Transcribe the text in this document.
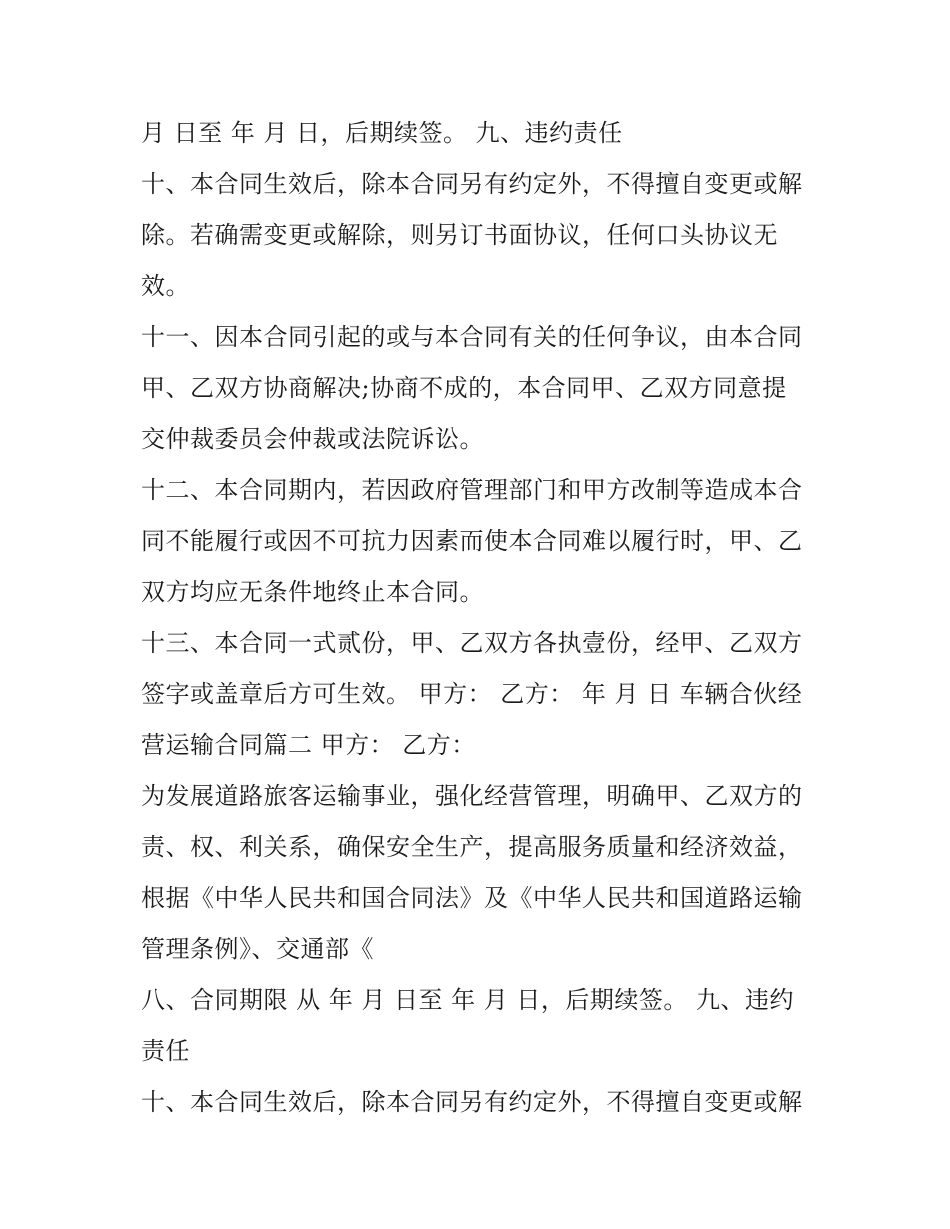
月 日至 年 月 日，后期续签。 九、违约责任
十、本合同生效后，除本合同另有约定外，不得擅自变更或解
除。若确需变更或解除，则另订书面协议，任何口头协议无
效。
十一、因本合同引起的或与本合同有关的任何争议，由本合同
甲、乙双方协商解决;协商不成的，本合同甲、乙双方同意提
交仲裁委员会仲裁或法院诉讼。
十二、本合同期内，若因政府管理部门和甲方改制等造成本合
同不能履行或因不可抗力因素而使本合同难以履行时，甲、乙
双方均应无条件地终止本合同。
十三、本合同一式贰份，甲、乙双方各执壹份，经甲、乙双方
签字或盖章后方可生效。 甲方： 乙方： 年 月 日 车辆合伙经
营运输合同篇二 甲方： 乙方：
为发展道路旅客运输事业，强化经营管理，明确甲、乙双方的
责、权、利关系，确保安全生产，提高服务质量和经济效益，
根据《中华人民共和国合同法》及《中华人民共和国道路运输
管理条例》、交通部《
八、合同期限 从 年 月 日至 年 月 日，后期续签。 九、违约
责任
十、本合同生效后，除本合同另有约定外，不得擅自变更或解
